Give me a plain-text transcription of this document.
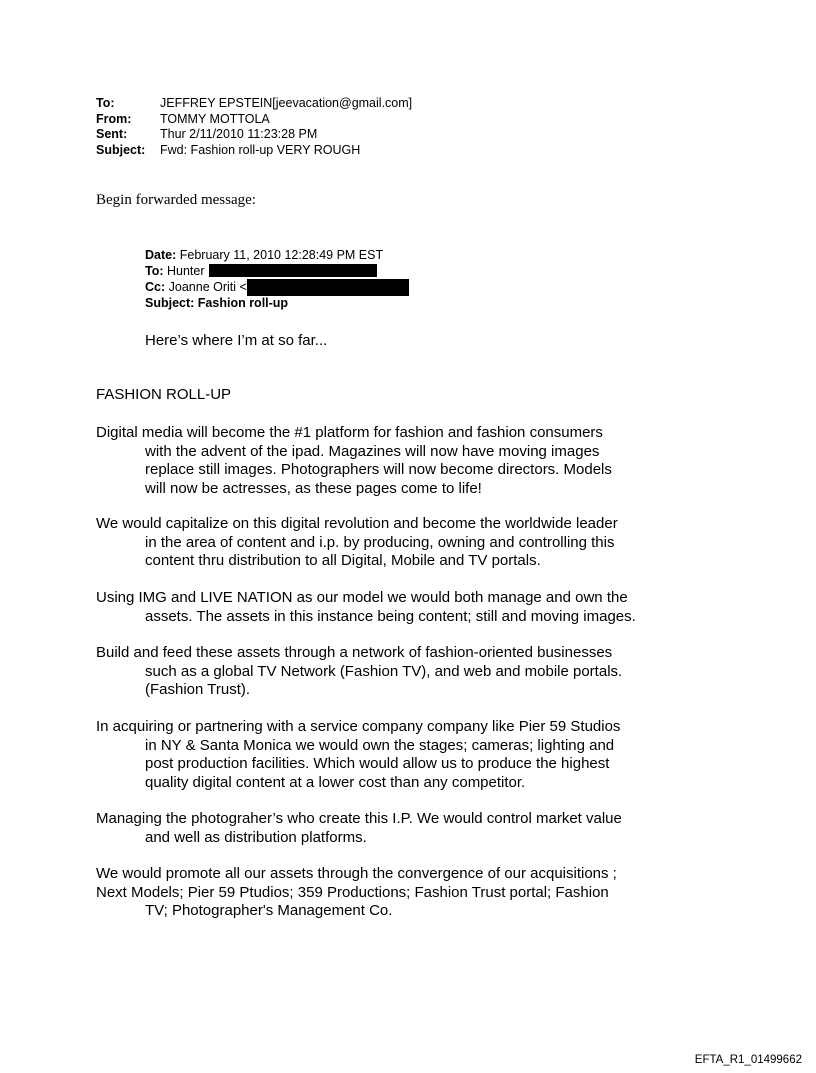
To:	JEFFREY EPSTEIN[jeevacation@gmail.com]
From:	TOMMY MOTTOLA
Sent:	Thur 2/11/2010 11:23:28 PM
Subject:	Fwd: Fashion roll-up VERY ROUGH
Begin forwarded message:
Date: February 11, 2010 12:28:49 PM EST
To: Hunter
Cc: Joanne Oriti <
Subject: Fashion roll-up
Here’s where I’m at so far...
FASHION ROLL-UP
Digital media will become the #1 platform for fashion and fashion consumers
with the advent of the ipad. Magazines will now have moving images
replace still images. Photographers will now become directors. Models
will now be actresses, as these pages come to life!
We would capitalize on this digital revolution and become the worldwide leader
in the area of content and i.p. by producing, owning and controlling this
content thru distribution to all Digital, Mobile and TV portals.
Using IMG and LIVE NATION as our model we would both manage and own the
assets. The assets in this instance being content; still and moving images.
Build and feed these assets through a network of fashion-oriented businesses
such as a global TV Network (Fashion TV), and web and mobile portals.
(Fashion Trust).
In acquiring or partnering with a service company company like Pier 59 Studios
in NY & Santa Monica we would own the stages; cameras; lighting and
post production facilities. Which would allow us to produce the highest
quality digital content at a lower cost than any competitor.
Managing the photograher’s who create this I.P. We would control market value
and well as distribution platforms.
We would promote all our assets through the convergence of our acquisitions ;
Next Models; Pier 59 Ptudios; 359 Productions; Fashion Trust portal; Fashion
TV; Photographer's Management Co.
EFTA_R1_01499662
